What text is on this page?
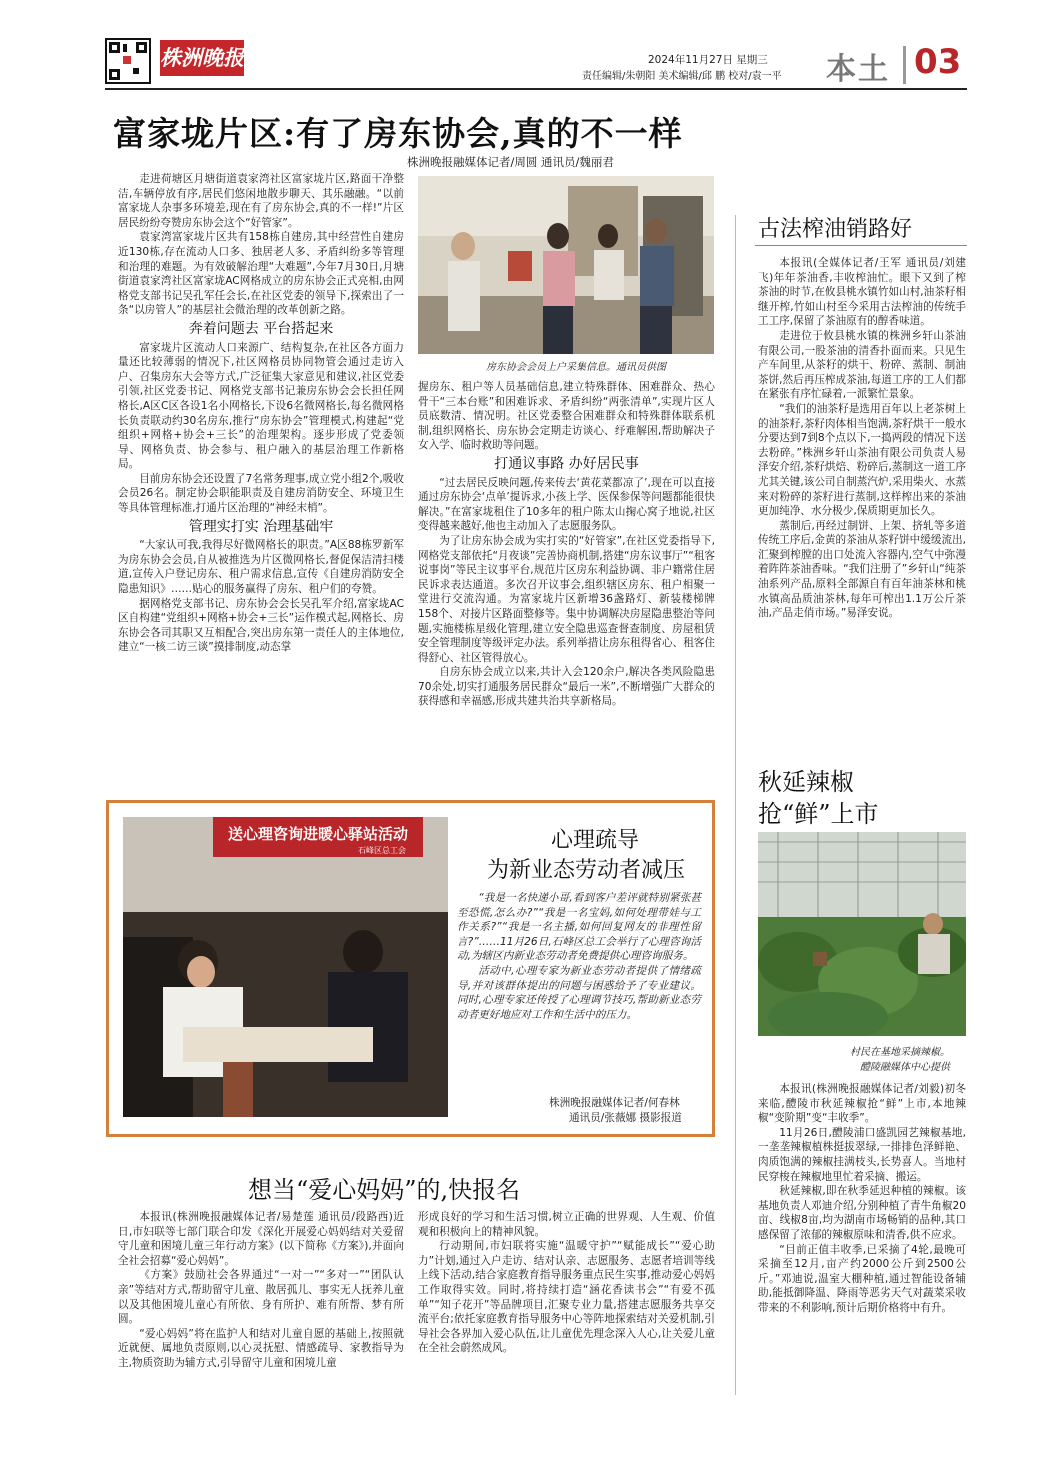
株洲晚报	2024年11月27日 星期三
责任编辑/朱朝阳 美术编辑/邱 鹏 校对/袁一平 本土 03
富家垅片区:有了房东协会,真的不一样
株洲晚报融媒体记者/周圆 通讯员/魏丽君

走进荷塘区月塘街道袁家湾社区富家垅片区,路面干净整洁,车辆停放有序,居民们悠闲地散步聊天、其乐融融。“以前富家垅人杂事多环境差,现在有了房东协会,真的不一样!”片区居民纷纷夸赞房东协会这个“好管家”。

袁家湾富家垅片区共有158栋自建房,其中经营性自建房近130栋,存在流动人口多、独居老人多、矛盾纠纷多等管理和治理的难题。为有效破解治理“大难题”,今年7月30日,月塘街道袁家湾社区富家垅AC网格成立的房东协会正式亮相,由网格党支部书记吴孔军任会长,在社区党委的领导下,探索出了一条“以房管人”的基层社会微治理的改革创新之路。

奔着问题去 平台搭起来

富家垅片区流动人口来源广、结构复杂,在社区各方面力量还比较薄弱的情况下,社区网格员协同物管会通过走访入户、召集房东大会等方式,广泛征集大家意见和建议,社区党委引领,社区党委书记、网格党支部书记兼房东协会会长担任网格长,A区C区各设1名小网格长,下设6名微网格长,每名微网格长负责联动约30名房东,推行“房东协会”管理模式,构建起“党组织+网格+协会+三长”的治理架构。逐步形成了党委领导、网格负责、协会参与、租户融入的基层治理工作新格局。

目前房东协会还设置了7名常务理事,成立党小组2个,吸收会员26名。制定协会职能职责及自建房消防安全、环境卫生等具体管理标准,打通片区治理的“神经末梢”。

管理实打实 治理基础牢

“大家认可我,我得尽好微网格长的职责。”A区88栋罗新军为房东协会会员,自从被推选为片区微网格长,督促保洁清扫楼道,宣传入户登记房东、租户需求信息,宣传《自建房消防安全隐患知识》……贴心的服务赢得了房东、租户们的夸赞。

据网格党支部书记、房东协会会长吴孔军介绍,富家垅AC区自构建“党组织+网格+协会+三长”运作模式起,网格长、房东协会各司其职又互相配合,突出房东第一责任人的主体地位,建立“一核二访三谈”摸排制度,动态掌

房东协会会员上户采集信息。通讯员供图

握房东、租户等人员基础信息,建立特殊群体、困难群众、热心骨干“三本台账”和困难诉求、矛盾纠纷“两张清单”,实现片区人员底数清、情况明。社区党委整合困难群众和特殊群体联系机制,组织网格长、房东协会定期走访谈心、纾难解困,帮助解决子女入学、临时救助等问题。

打通议事路 办好居民事

“过去居民反映问题,传来传去‘黄花菜都凉了’,现在可以直接通过房东协会‘点单’提诉求,小孩上学、医保参保等问题都能很快解决。”在富家垅租住了10多年的租户陈太山掬心窝子地说,社区变得越来越好,他也主动加入了志愿服务队。

为了让房东协会成为实打实的“好管家”,在社区党委指导下,网格党支部依托“月夜谈”完善协商机制,搭建“房东议事厅”“租客说事岗”等民主议事平台,规范片区房东利益协调、非户籍常住居民诉求表达通道。多次召开议事会,组织辖区房东、租户相聚一堂进行交流沟通。为富家垅片区新增36盏路灯、新装楼梯牌158个、对接片区路面整修等。集中协调解决房屋隐患整治等问题,实施楼栋星级化管理,建立安全隐患巡查督查制度、房屋租赁安全管理制度等级评定办法。系列举措让房东租得省心、租客住得舒心、社区管得放心。

自房东协会成立以来,共计入会120余户,解决各类风险隐患70余处,切实打通服务居民群众“最后一米”,不断增强广大群众的获得感和幸福感,形成共建共治共享新格局。

古法榨油销路好

本报讯(全媒体记者/王军 通讯员/刘建飞)年年茶油香,丰收榨油忙。眼下又到了榨茶油的时节,在攸县桃水镇竹如山村,油茶籽相继开榨,竹如山村至今采用古法榨油的传统手工工序,保留了茶油原有的醇香味道。

走进位于攸县桃水镇的株洲乡轩山茶油有限公司,一股茶油的清香扑面而来。只见生产车间里,从茶籽的烘干、粉碎、蒸制、制油茶饼,然后再压榨成茶油,每道工序的工人们都在紧张有序忙碌着,一派繁忙景象。

“我们的油茶籽是选用百年以上老茶树上的油茶籽,茶籽肉体相当饱满,茶籽烘干一般水分要达到7到8个点以下,一捣两段的情况下送去粉碎。”株洲乡轩山茶油有限公司负责人易泽安介绍,茶籽烘焙、粉碎后,蒸制这一道工序尤其关键,该公司自制蒸汽炉,采用柴火、水蒸来对粉碎的茶籽进行蒸制,这样榨出来的茶油更加纯净、水分极少,保质期更加长久。

蒸制后,再经过制饼、上架、挤轧等多道传统工序后,金黄的茶油从茶籽饼中缓缓流出,汇聚到榨膛的出口处流入容器内,空气中弥漫着阵阵茶油香味。“我们注册了”乡轩山“纯茶油系列产品,原料全部源自有百年油茶林和桃水镇高品质油茶林,每年可榨出1.1万公斤茶油,产品走俏市场。”易泽安说。

秋延辣椒
抢“鲜”上市
村民在基地采摘辣椒。
醴陵融媒体中心提供

本报讯(株洲晚报融媒体记者/刘毅)初冬来临,醴陵市秋延辣椒抢“鲜”上市,本地辣椒“变阶期”变“丰收季”。

11月26日,醴陵浦口盛凯园艺辣椒基地,一垄垄辣椒植株挺拔翠绿,一排排色泽鲜艳、肉质饱满的辣椒挂满枝头,长势喜人。当地村民穿梭在辣椒地里忙着采摘、搬运。

秋延辣椒,即在秋季延迟种植的辣椒。该基地负责人邓迪介绍,分别种植了青牛角椒20亩、线椒8亩,均为湖南市场畅销的品种,其口感保留了浓郁的辣椒原味和清香,供不应求。

“目前正值丰收季,已采摘了4轮,最晚可采摘至12月,亩产约2000公斤到2500公斤。”邓迪说,温室大棚种植,通过智能设备辅助,能抵御降温、降雨等恶劣天气对蔬菜采收带来的不利影响,预计后期价格将中有升。

送心理咨询进暖心驿站活动
石峰区总工会	心理疏导
为新业态劳动者减压

“我是一名快递小哥,看到客户差评就特别紧张甚至恐慌,怎么办?”“我是一名宝妈,如何处理带娃与工作关系?”“我是一名主播,如何回复网友的非理性留言?”……11月26日,石峰区总工会举行了心理咨询活动,为辖区内新业态劳动者免费提供心理咨询服务。

活动中,心理专家为新业态劳动者提供了情绪疏导,并对该群体提出的问题与困惑给予了专业建议。同时,心理专家还传授了心理调节技巧,帮助新业态劳动者更好地应对工作和生活中的压力。

株洲晚报融媒体记者/何春林
通讯员/张薇娜 摄影报道
想当“爱心妈妈”的,快报名

本报讯(株洲晚报融媒体记者/易楚莲 通讯员/段路西)近日,市妇联等七部门联合印发《深化开展爱心妈妈结对关爱留守儿童和困境儿童三年行动方案》(以下简称《方案》),并面向全社会招募“爱心妈妈”。

《方案》鼓励社会各界通过“一对一”“多对一”“团队认亲”等结对方式,帮助留守儿童、散居孤儿、事实无人抚养儿童以及其他困境儿童心有所依、身有所护、难有所帮、梦有所圆。

“爱心妈妈”将在监护人和结对儿童自愿的基础上,按照就近就便、属地负责原则,以心灵抚慰、情感疏导、家教指导为主,物质资助为辅方式,引导留守儿童和困境儿童

形成良好的学习和生活习惯,树立正确的世界观、人生观、价值观和积极向上的精神风貌。

行动期间,市妇联将实施“温暖守护”“赋能成长”“爱心助力”计划,通过入户走访、结对认亲、志愿服务、志愿者培训等线上线下活动,结合家庭教育指导服务重点民生实事,推动爱心妈妈工作取得实效。同时,将持续打造“涵花香读书会”“有爱不孤单”“知子花开”等品牌项目,汇聚专业力量,搭建志愿服务共享交流平台;依托家庭教育指导服务中心等阵地探索结对关爱机制,引导社会各界加入爱心队伍,让儿童优先理念深入人心,让关爱儿童在全社会蔚然成风。
